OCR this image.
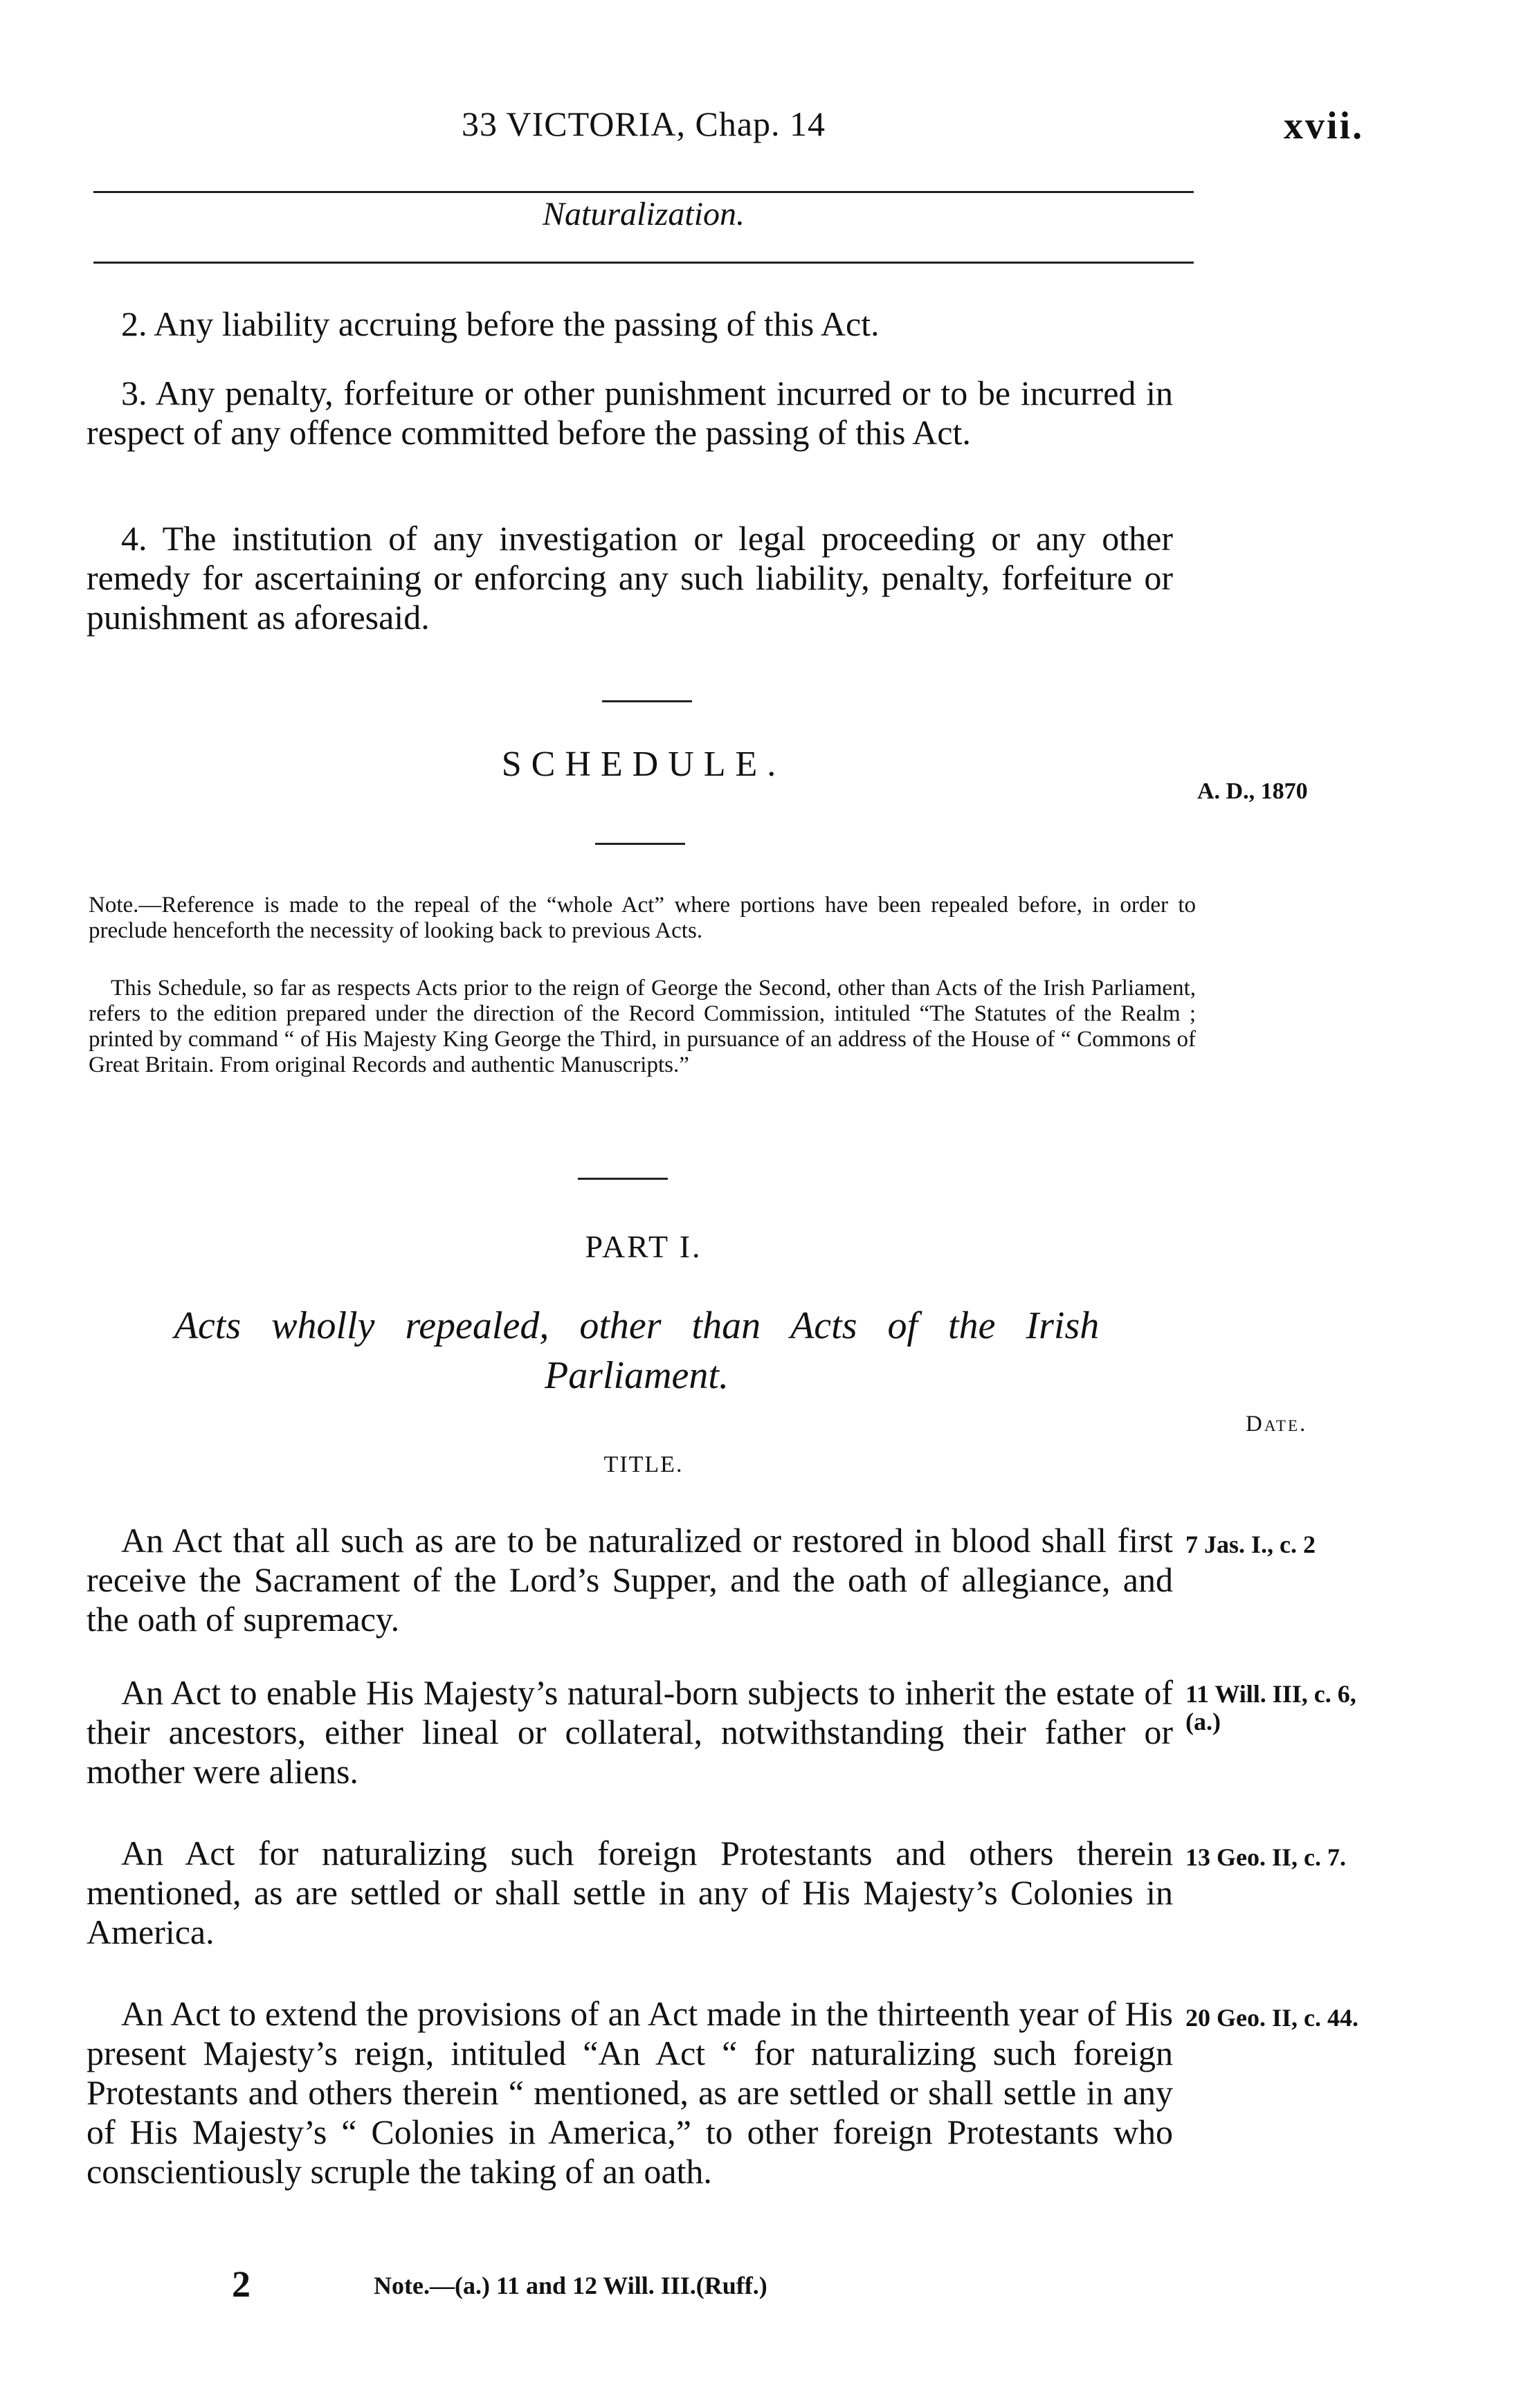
33 VICTORIA, Chap. 14	xvii.
Naturalization.
2. Any liability accruing before the passing of this Act.
3. Any penalty, forfeiture or other punishment incurred or to be incurred in respect of any offence committed before the passing of this Act.
4. The institution of any investigation or legal proceeding or any other remedy for ascertaining or enforcing any such liability, penalty, forfeiture or punishment as aforesaid.
SCHEDULE.
A. D., 1870
Note.—Reference is made to the repeal of the “whole Act” where portions have been repealed before, in order to preclude henceforth the necessity of looking back to previous Acts.
This Schedule, so far as respects Acts prior to the reign of George the Second, other than Acts of the Irish Parliament, refers to the edition prepared under the direction of the Record Commission, intituled “The Statutes of the Realm ; printed by command “ of His Majesty King George the Third, in pursuance of an address of the House of “ Commons of Great Britain. From original Records and authentic Manuscripts.”
PART I.
Acts wholly repealed, other than Acts of the Irish Parliament.
Date.
TITLE.
An Act that all such as are to be naturalized or restored in blood shall first receive the Sacrament of the Lord’s Supper, and the oath of allegiance, and the oath of supremacy.
7 Jas. I., c. 2
An Act to enable His Majesty’s natural-born subjects to inherit the estate of their ancestors, either lineal or collateral, notwithstanding their father or mother were aliens.
11 Will. III, c. 6, (a.)
An Act for naturalizing such foreign Protestants and others therein mentioned, as are settled or shall settle in any of His Majesty’s Colonies in America.
13 Geo. II, c. 7.
An Act to extend the provisions of an Act made in the thirteenth year of His present Majesty’s reign, intituled “An Act “ for naturalizing such foreign Protestants and others therein “ mentioned, as are settled or shall settle in any of His Majesty’s “ Colonies in America,” to other foreign Protestants who conscientiously scruple the taking of an oath.
20 Geo. II, c. 44.
2	Note.—(a.) 11 and 12 Will. III.(Ruff.)
